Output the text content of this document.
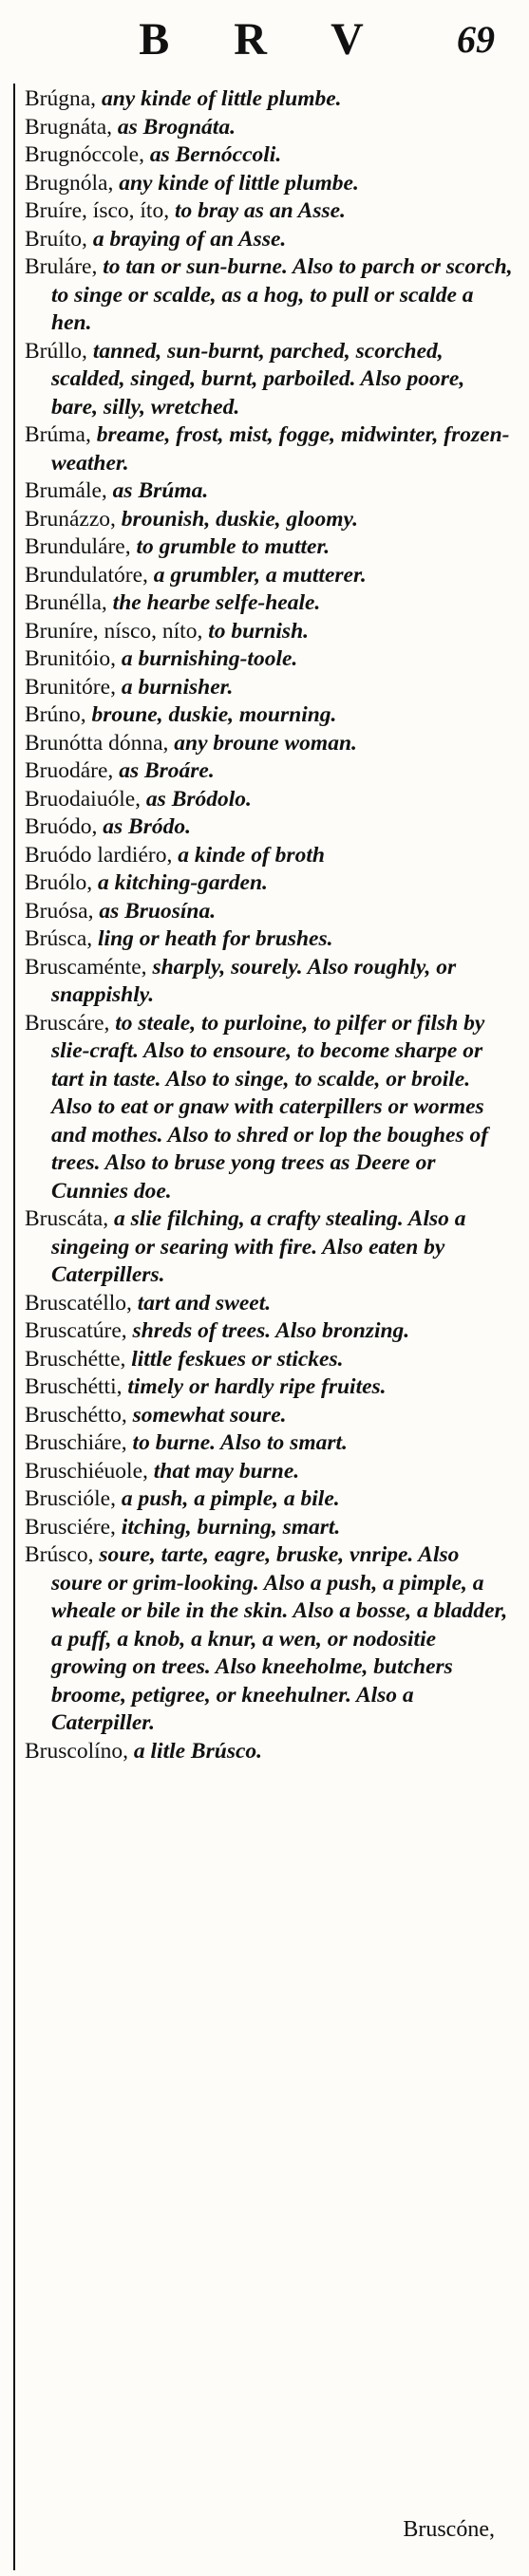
B R V	69
Brúgna, any kinde of little plumbe.
Brugnáta, as Brognáta.
Brugnóccole, as Bernóccoli.
Brugnóla, any kinde of little plumbe.
Bruíre, ísco, íto, to bray as an Asse.
Bruíto, a braying of an Asse.
Bruláre, to tan or sun-burne. Also to parch or scorch, to singe or scalde, as a hog, to pull or scalde a hen.
Brúllo, tanned, sun-burnt, parched, scorched, scalded, singed, burnt, parboiled. Also poore, bare, silly, wretched.
Brúma, breame, frost, mist, fogge, midwinter, frozen-weather.
Brumále, as Brúma.
Brunázzo, brounish, duskie, gloomy.
Brunduláre, to grumble to mutter.
Brundulatóre, a grumbler, a mutterer.
Brunélla, the hearbe selfe-heale.
Bruníre, nísco, níto, to burnish.
Brunitóio, a burnishing-toole.
Brunitóre, a burnisher.
Brúno, broune, duskie, mourning.
Brunótta dónna, any broune woman.
Bruodáre, as Broáre.
Bruodaiuóle, as Bródolo.
Bruódo, as Bródo.
Bruódo lardiéro, a kinde of broth
Bruólo, a kitching-garden.
Bruósa, as Bruosína.
Brúsca, ling or heath for brushes.
Bruscaménte, sharply, sourely. Also roughly, or snappishly.
Bruscáre, to steale, to purloine, to pilfer or filsh by slie-craft. Also to ensoure, to become sharpe or tart in taste. Also to singe, to scalde, or broile. Also to eat or gnaw with caterpillers or wormes and mothes. Also to shred or lop the boughes of trees. Also to bruse yong trees as Deere or Cunnies doe.
Bruscáta, a slie filching, a crafty stealing. Also a singeing or searing with fire. Also eaten by Caterpillers.
Bruscatéllo, tart and sweet.
Bruscatúre, shreds of trees. Also bronzing.
Bruschétte, little feskues or stickes.
Bruschétti, timely or hardly ripe fruites.
Bruschétto, somewhat soure.
Bruschiáre, to burne. Also to smart.
Bruschiéuole, that may burne.
Bruscióle, a push, a pimple, a bile.
Brusciére, itching, burning, smart.
Brúsco, soure, tarte, eagre, bruske, vnripe. Also soure or grim-looking. Also a push, a pimple, a wheale or bile in the skin. Also a bosse, a bladder, a puff, a knob, a knur, a wen, or nodositie growing on trees. Also kneeholme, butchers broome, petigree, or kneehulner. Also a Caterpiller.
Bruscolíno, a litle Brúsco.
Bruscóne,
